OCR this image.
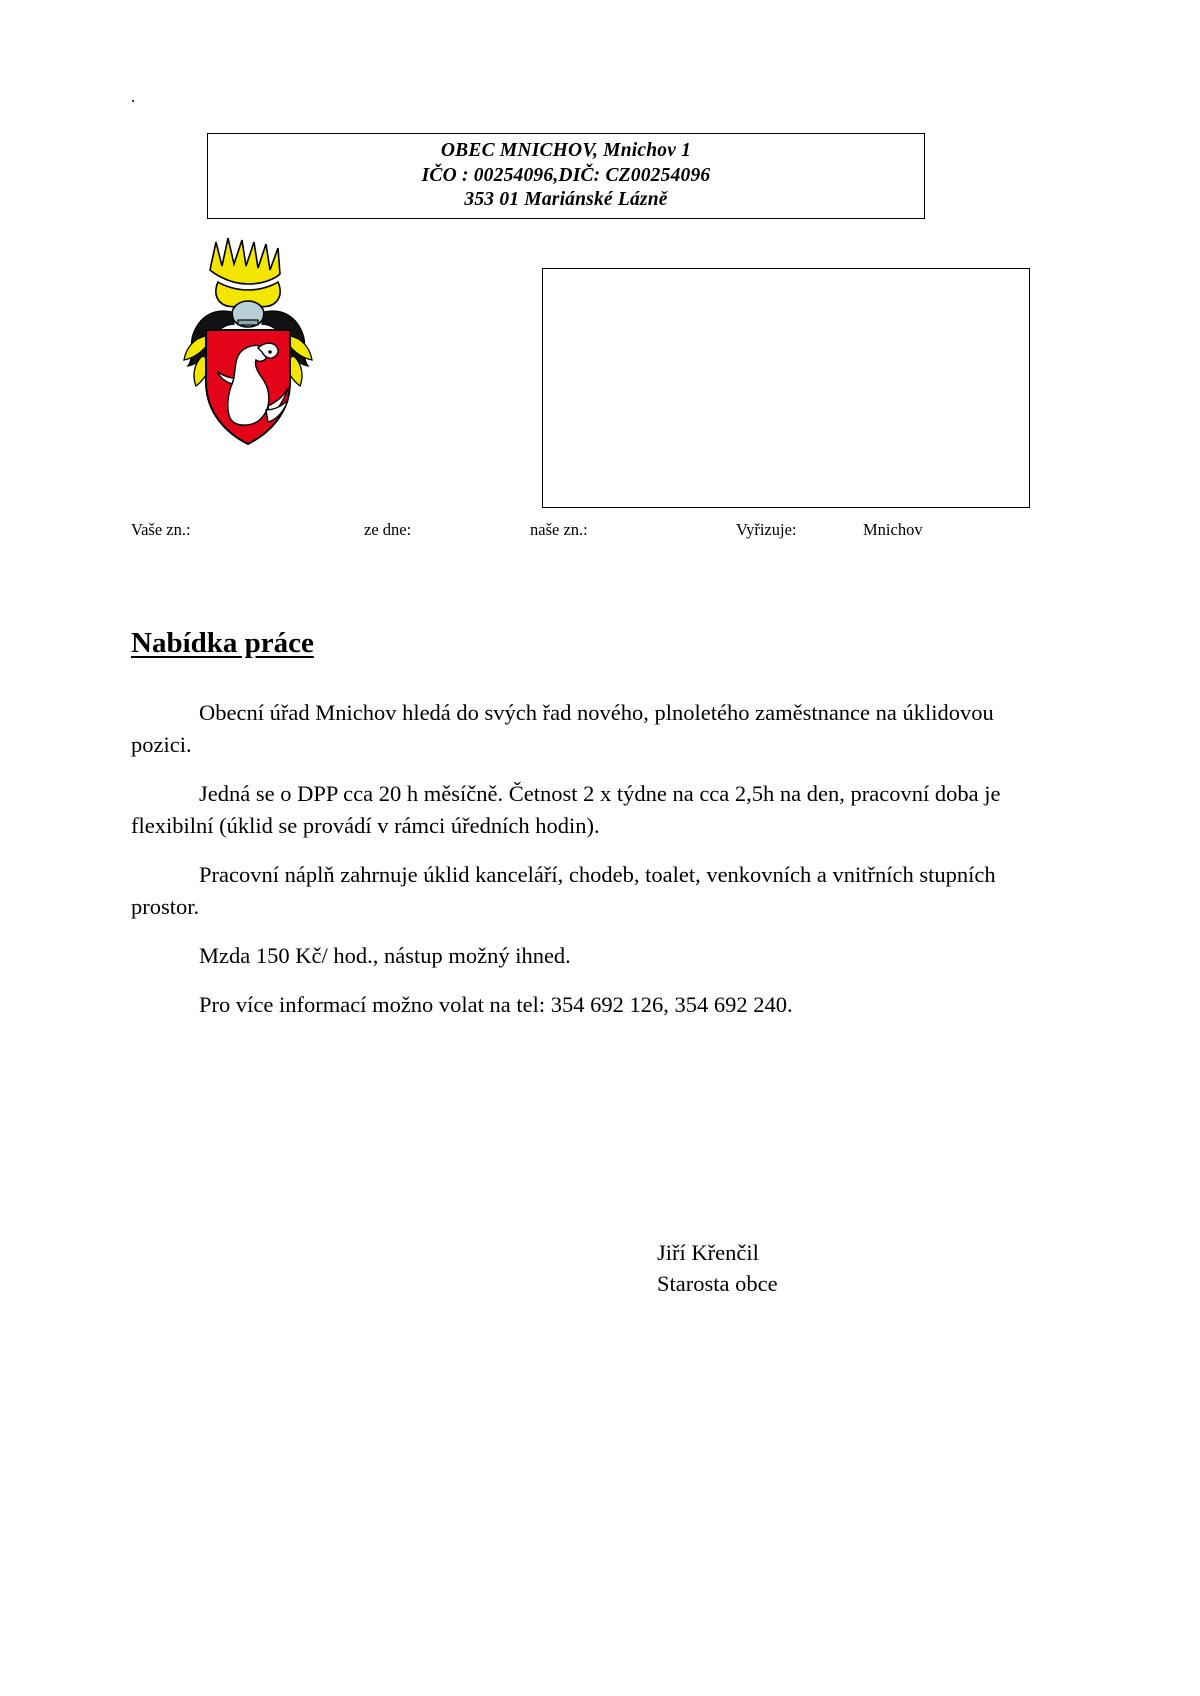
.
OBEC MNICHOV, Mnichov 1
IČO : 00254096,DIČ: CZ00254096
353 01 Mariánské Lázně
Vaše zn.:	ze dne:	naše zn.:	Vyřizuje:	Mnichov
Nabídka práce

Obecní úřad Mnichov hledá do svých řad nového, plnoletého zaměstnance na úklidovou pozici.

Jedná se o DPP cca 20 h měsíčně. Četnost 2 x týdne na cca 2,5h na den, pracovní doba je flexibilní (úklid se provádí v rámci úředních hodin).

Pracovní náplň zahrnuje úklid kanceláří, chodeb, toalet, venkovních a vnitřních stupních prostor.

Mzda 150 Kč/ hod., nástup možný ihned.

Pro více informací možno volat na tel: 354 692 126, 354 692 240.

Jiří Křenčil
Starosta obce
